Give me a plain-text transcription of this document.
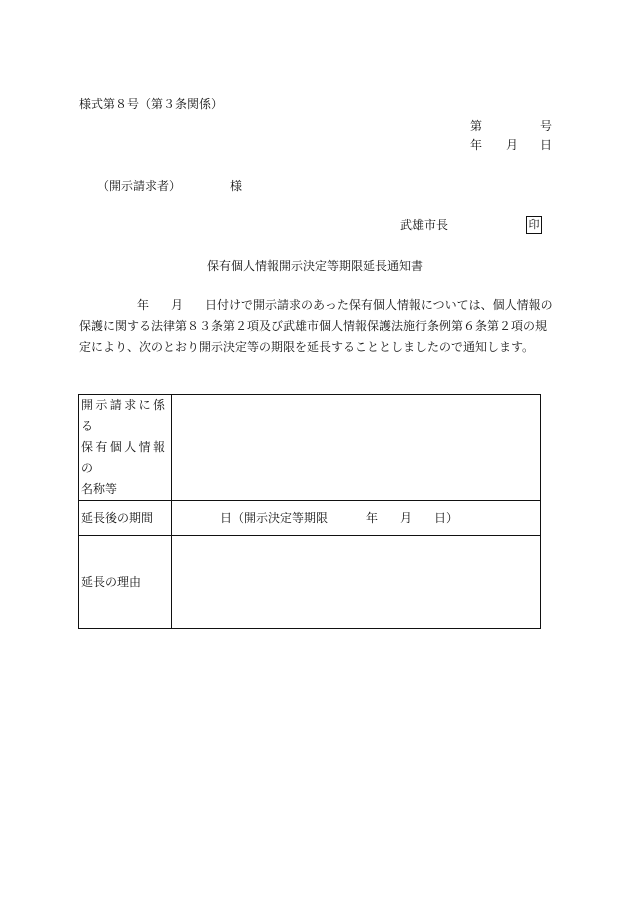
様式第８号（第３条関係）
第	号
年 月 日
（開示請求者）	様
武雄市長	印
保有個人情報開示決定等期限延長通知書
年 月 日付けで開示請求のあった保有個人情報については、個人情報の保護に関する法律第８３条第２項及び武雄市個人情報保護法施行条例第６条第２項の規定により、次のとおり開示決定等の期限を延長することとしましたので通知します。
開示請求に係る
保有個人情報の
名称等	

延長後の期間	日（開示決定等期限 年 月 日）
延長の理由	
